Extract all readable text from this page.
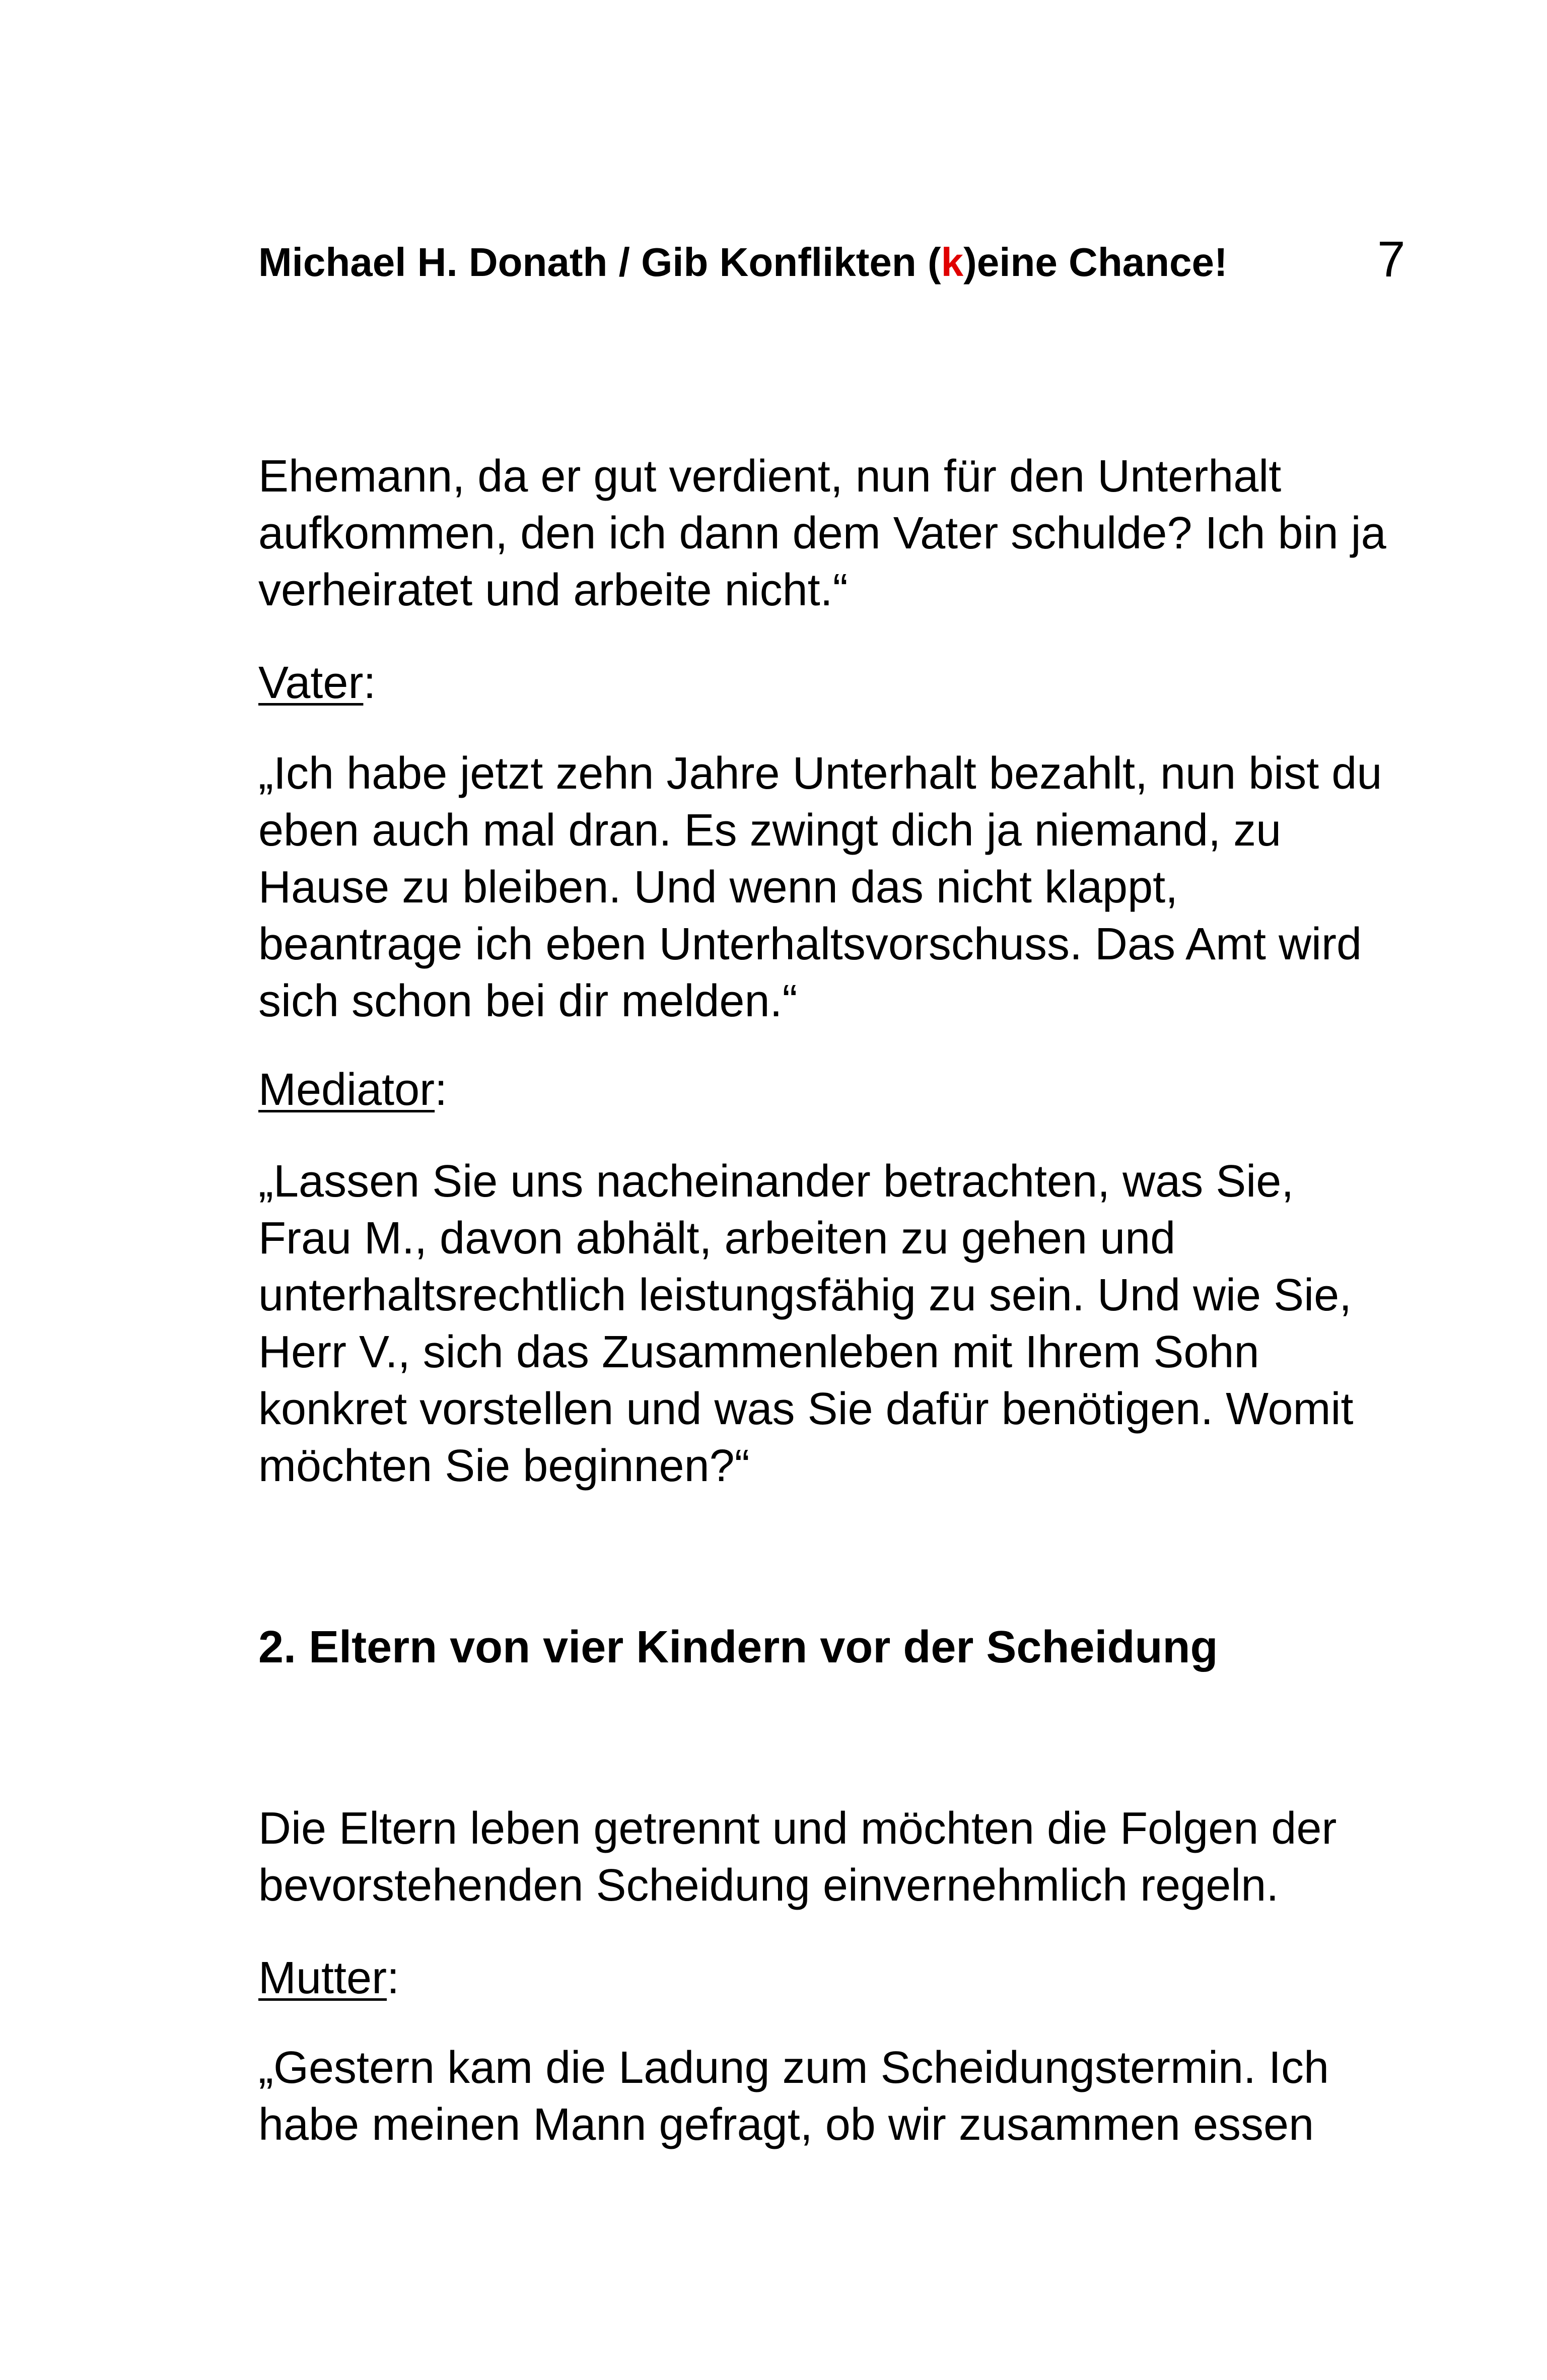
Michael H. Donath / Gib Konflikten (k)eine Chance!	7
Ehemann, da er gut verdient, nun für den Unterhalt
aufkommen, den ich dann dem Vater schulde? Ich bin ja
verheiratet und arbeite nicht.“
Vater:
„Ich habe jetzt zehn Jahre Unterhalt bezahlt, nun bist du
eben auch mal dran. Es zwingt dich ja niemand, zu
Hause zu bleiben. Und wenn das nicht klappt,
beantrage ich eben Unterhaltsvorschuss. Das Amt wird
sich schon bei dir melden.“
Mediator:
„Lassen Sie uns nacheinander betrachten, was Sie,
Frau M., davon abhält, arbeiten zu gehen und
unterhaltsrechtlich leistungsfähig zu sein. Und wie Sie,
Herr V., sich das Zusammenleben mit Ihrem Sohn
konkret vorstellen und was Sie dafür benötigen. Womit
möchten Sie beginnen?“
2. Eltern von vier Kindern vor der Scheidung
Die Eltern leben getrennt und möchten die Folgen der
bevorstehenden Scheidung einvernehmlich regeln.
Mutter:
„Gestern kam die Ladung zum Scheidungstermin. Ich
habe meinen Mann gefragt, ob wir zusammen essen
